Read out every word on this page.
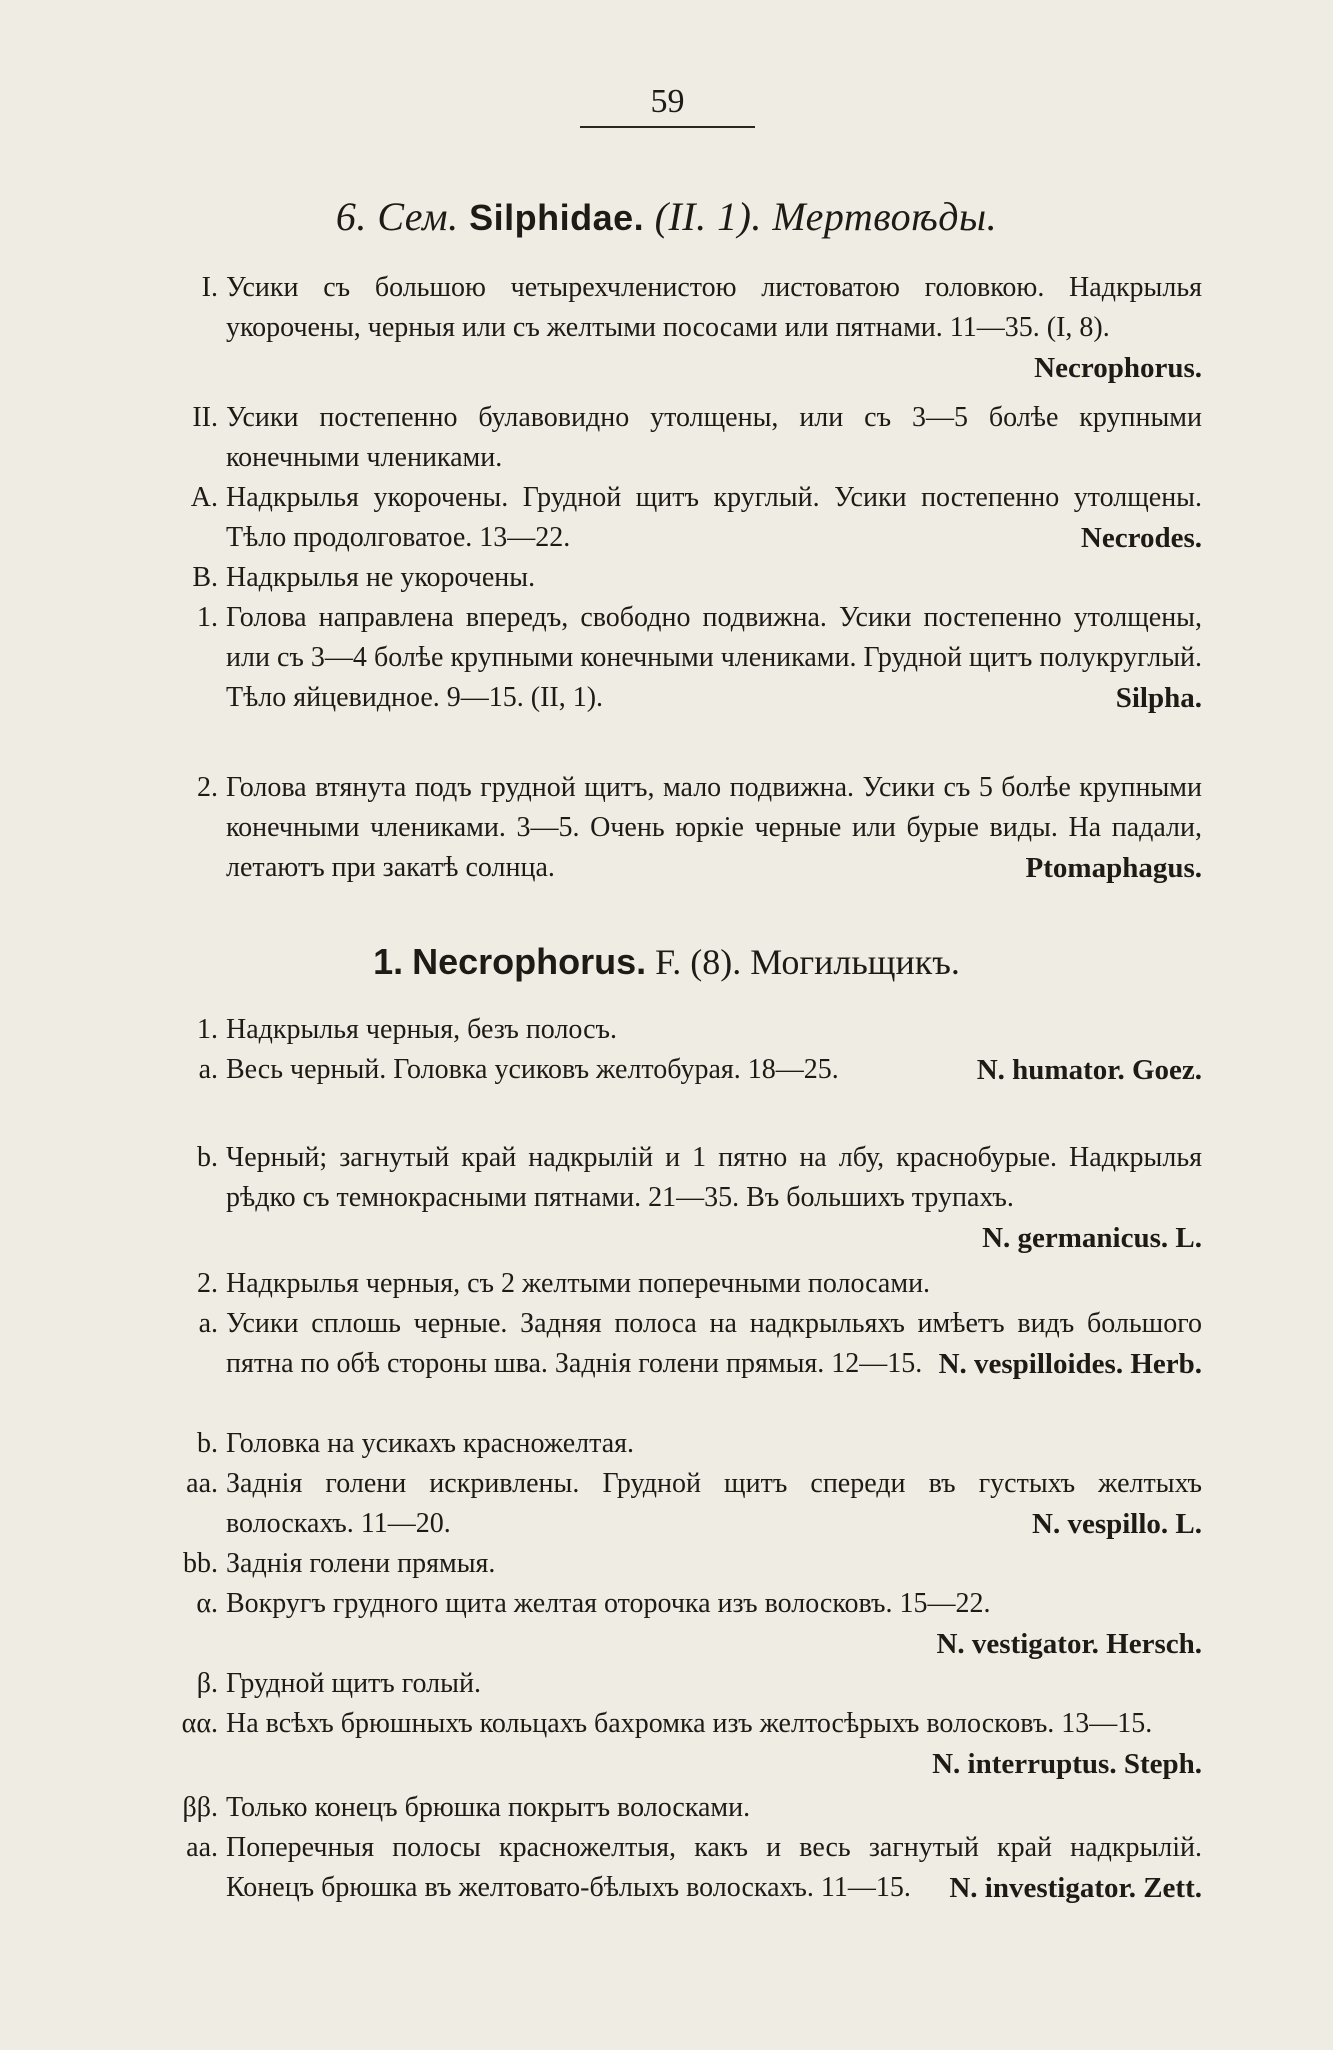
59
6. Сем. Silphidae. (II. 1). Мертвоѣды.
I. Усики съ большою четырехчленистою листоватою головкою. Надкрылья укорочены, черныя или съ желтыми пососами или пятнами. 11—35. (I, 8).
Necrophorus.
II. Усики постепенно булавовидно утолщены, или съ 3—5 болѣе крупными конечными члениками.
A. Надкрылья укорочены. Грудной щитъ круглый. Усики постепенно утолщены. Тѣло продолговатое. 13—22.	Necrodes.
B. Надкрылья не укорочены.
1. Голова направлена впередъ, свободно подвижна. Усики постепенно утолщены, или съ 3—4 болѣе крупными конечными члениками. Грудной щитъ полукруглый. Тѣло яйцевидное. 9—15. (II, 1).	Silpha.
2. Голова втянута подъ грудной щитъ, мало подвижна. Усики съ 5 болѣе крупными конечными члениками. 3—5. Очень юркіе черные или бурые виды. На падали, летаютъ при закатѣ солнца.	Ptomaphagus.
1. Necrophorus. F. (8). Могильщикъ.
1. Надкрылья черныя, безъ полосъ.
a. Весь черный. Головка усиковъ желтобурая. 18—25.	N. humator. Goez.
b. Черный; загнутый край надкрылій и 1 пятно на лбу, краснобурые. Надкрылья рѣдко съ темнокрасными пятнами. 21—35. Въ большихъ трупахъ.
N. germanicus. L.
2. Надкрылья черныя, съ 2 желтыми поперечными полосами.
a. Усики сплошь черные. Задняя полоса на надкрыльяхъ имѣетъ видъ большого пятна по обѣ стороны шва. Заднія голени прямыя. 12—15. N. vespilloides. Herb.
b. Головка на усикахъ красножелтая.
aa. Заднія голени искривлены. Грудной щитъ спереди въ густыхъ желтыхъ волоскахъ. 11—20.	N. vespillo. L.
bb. Заднія голени прямыя.
α. Вокругъ грудного щита желтая оторочка изъ волосковъ. 15—22.
N. vestigator. Hersch.
β. Грудной щитъ голый.
αα. На всѣхъ брюшныхъ кольцахъ бахромка изъ желтосѣрыхъ волосковъ. 13—15.
N. interruptus. Steph.
ββ. Только конецъ брюшка покрытъ волосками.
aa. Поперечныя полосы красножелтыя, какъ и весь загнутый край надкрылій. Конецъ брюшка въ желтовато-бѣлыхъ волоскахъ. 11—15. N. investigator. Zett.
